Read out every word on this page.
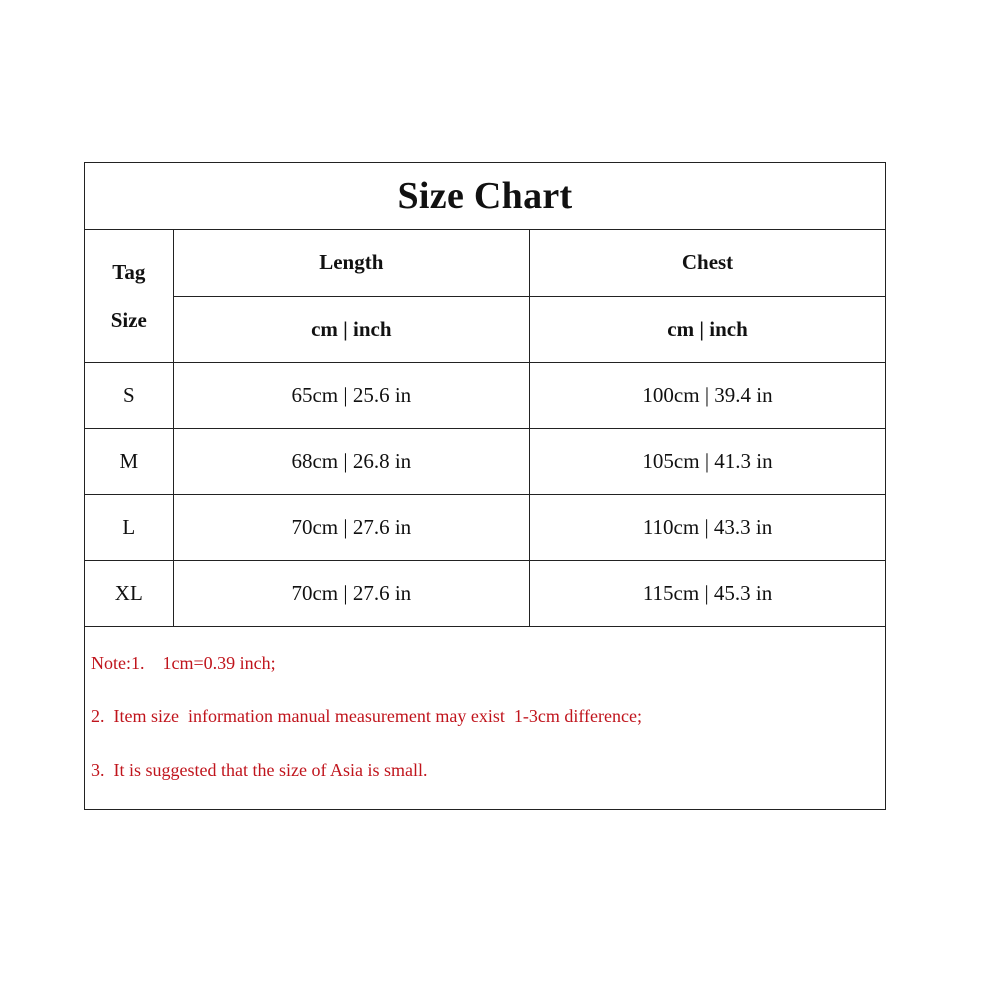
Size Chart
Tag
Size	Length	Chest
	cm | inch	cm | inch
S	65cm | 25.6 in	100cm | 39.4 in
M	68cm | 26.8 in	105cm | 41.3 in
L	70cm | 27.6 in	110cm | 43.3 in
XL	70cm | 27.6 in	115cm | 45.3 in
Note:1.    1cm=0.39 inch;
2.  Item size  information manual measurement may exist  1-3cm difference;
3.  It is suggested that the size of Asia is small.
